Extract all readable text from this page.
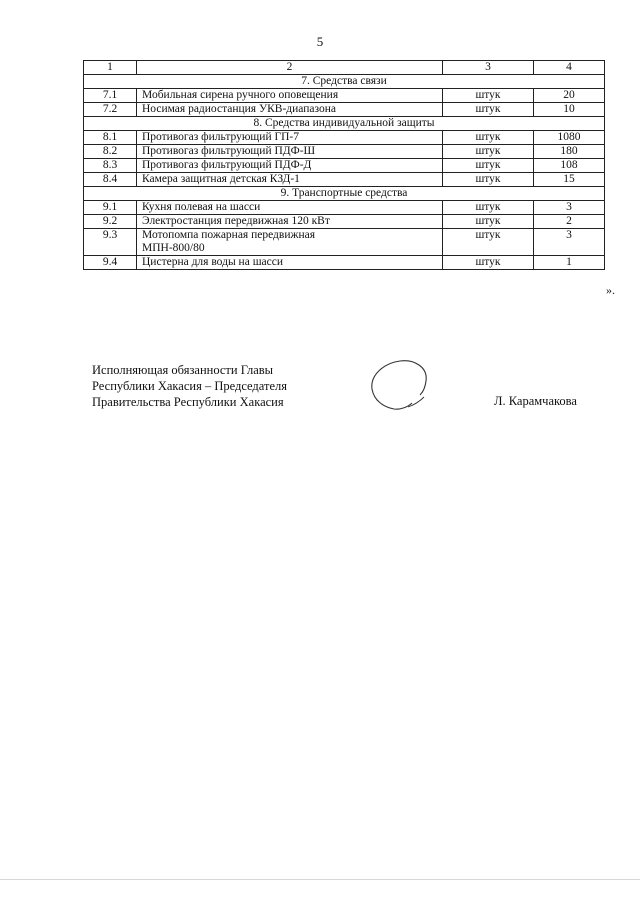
5
1	2	3	4
7. Средства связи			
7.1	Мобильная сирена ручного оповещения	штук	20
7.2	Носимая радиостанция УКВ-диапазона	штук	10
8. Средства индивидуальной защиты			
8.1	Противогаз фильтрующий ГП-7	штук	1080
8.2	Противогаз фильтрующий ПДФ-Ш	штук	180
8.3	Противогаз фильтрующий ПДФ-Д	штук	108
8.4	Камера защитная детская КЗД-1	штук	15
9. Транспортные средства			
9.1	Кухня полевая на шасси	штук	3
9.2	Электростанция передвижная 120 кВт	штук	2
9.3	Мотопомпа пожарная передвижная МПН-800/80	штук	3
9.4	Цистерна для воды на шасси	штук	1
».
Исполняющая обязанности Главы
Республики Хакасия – Председателя
Правительства Республики Хакасия	Л. Карамчакова
